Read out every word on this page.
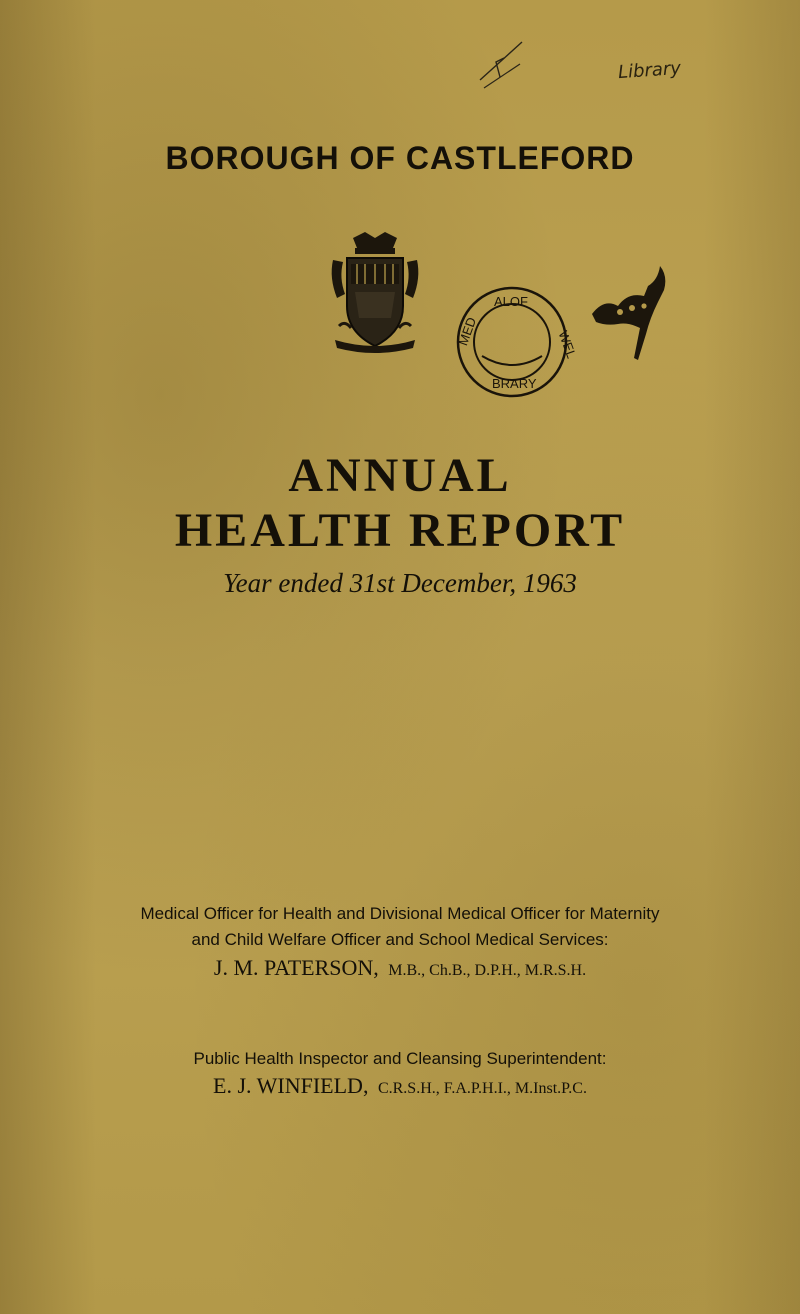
Library
BOROUGH OF CASTLEFORD
ALOF
BRARY
MED	WEL
ANNUAL
HEALTH REPORT
Year ended 31st December, 1963
Medical Officer for Health and Divisional Medical Officer for Maternity
and Child Welfare Officer and School Medical Services:
J. M. PATERSON, M.B., Ch.B., D.P.H., M.R.S.H.
Public Health Inspector and Cleansing Superintendent:
E. J. WINFIELD, C.R.S.H., F.A.P.H.I., M.Inst.P.C.
